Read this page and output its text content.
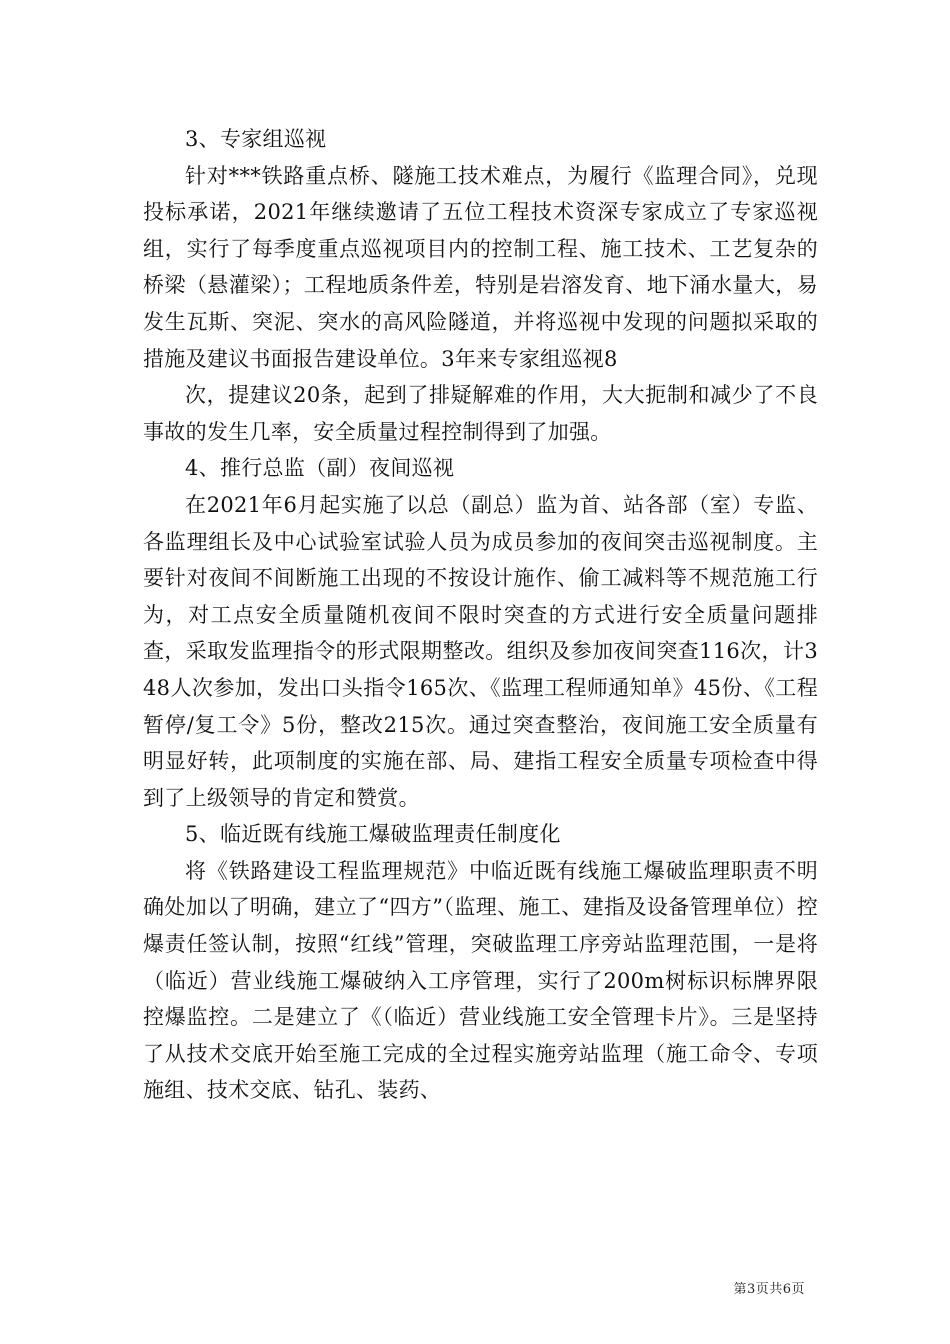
3、专家组巡视

针对***铁路重点桥、隧施工技术难点，为履行《监理合同》，兑现投标承诺，2021年继续邀请了五位工程技术资深专家成立了专家巡视组，实行了每季度重点巡视项目内的控制工程、施工技术、工艺复杂的桥梁（悬灌梁）；工程地质条件差，特别是岩溶发育、地下涌水量大，易发生瓦斯、突泥、突水的高风险隧道，并将巡视中发现的问题拟采取的措施及建议书面报告建设单位。3年来专家组巡视8

次，提建议20条，起到了排疑解难的作用，大大扼制和减少了不良事故的发生几率，安全质量过程控制得到了加强。

4、推行总监（副）夜间巡视

在2021年6月起实施了以总（副总）监为首、站各部（室）专监、各监理组长及中心试验室试验人员为成员参加的夜间突击巡视制度。主要针对夜间不间断施工出现的不按设计施作、偷工减料等不规范施工行为，对工点安全质量随机夜间不限时突查的方式进行安全质量问题排查，采取发监理指令的形式限期整改。组织及参加夜间突查116次，计348人次参加，发出口头指令165次、《监理工程师通知单》45份、《工程暂停/复工令》5份，整改215次。通过突查整治，夜间施工安全质量有明显好转，此项制度的实施在部、局、建指工程安全质量专项检查中得到了上级领导的肯定和赞赏。

5、临近既有线施工爆破监理责任制度化

将《铁路建设工程监理规范》中临近既有线施工爆破监理职责不明确处加以了明确，建立了“四方”（监理、施工、建指及设备管理单位）控爆责任签认制，按照“红线”管理，突破监理工序旁站监理范围，一是将（临近）营业线施工爆破纳入工序管理，实行了200m树标识标牌界限控爆监控。二是建立了《（临近）营业线施工安全管理卡片》。三是坚持了从技术交底开始至施工完成的全过程实施旁站监理（施工命令、专项施组、技术交底、钻孔、装药、

第3页共6页
